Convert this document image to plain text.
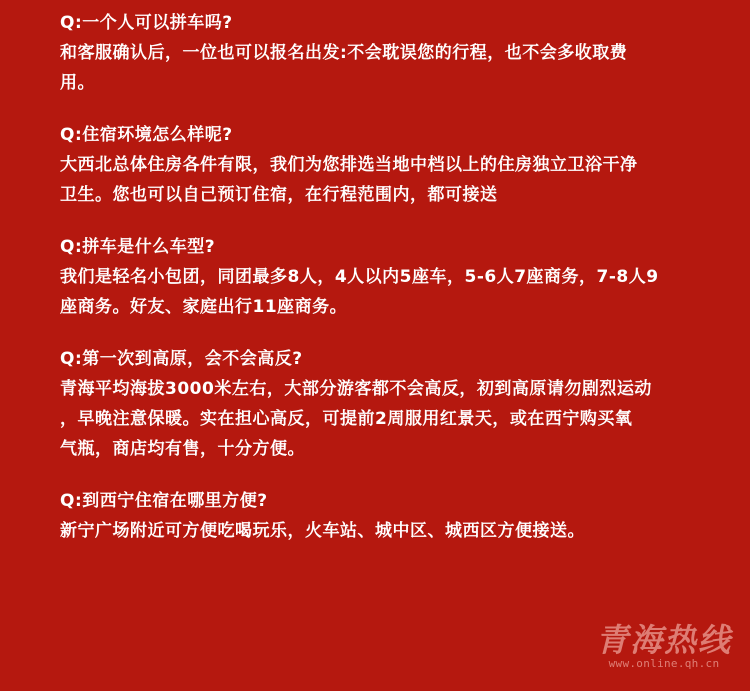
Q:一个人可以拼车吗?
和客服确认后，一位也可以报名出发:不会耽误您的行程，也不会多收取费
用。
Q:住宿环境怎么样呢?
大西北总体住房各件有限，我们为您排选当地中档以上的住房独立卫浴干净
卫生。您也可以自己预订住宿，在行程范围内，都可接送
Q:拼车是什么车型?
我们是轻名小包团，同团最多8人，4人以内5座车，5-6人7座商务，7-8人9
座商务。好友、家庭出行11座商务。
Q:第一次到高原，会不会高反?
青海平均海拔3000米左右，大部分游客都不会高反，初到高原请勿剧烈运动
，早晚注意保暖。实在担心高反，可提前2周服用红景天，或在西宁购买氧
气瓶，商店均有售，十分方便。
Q:到西宁住宿在哪里方便?
新宁广场附近可方便吃喝玩乐，火车站、城中区、城西区方便接送。
青海热线
www.online.qh.cn
